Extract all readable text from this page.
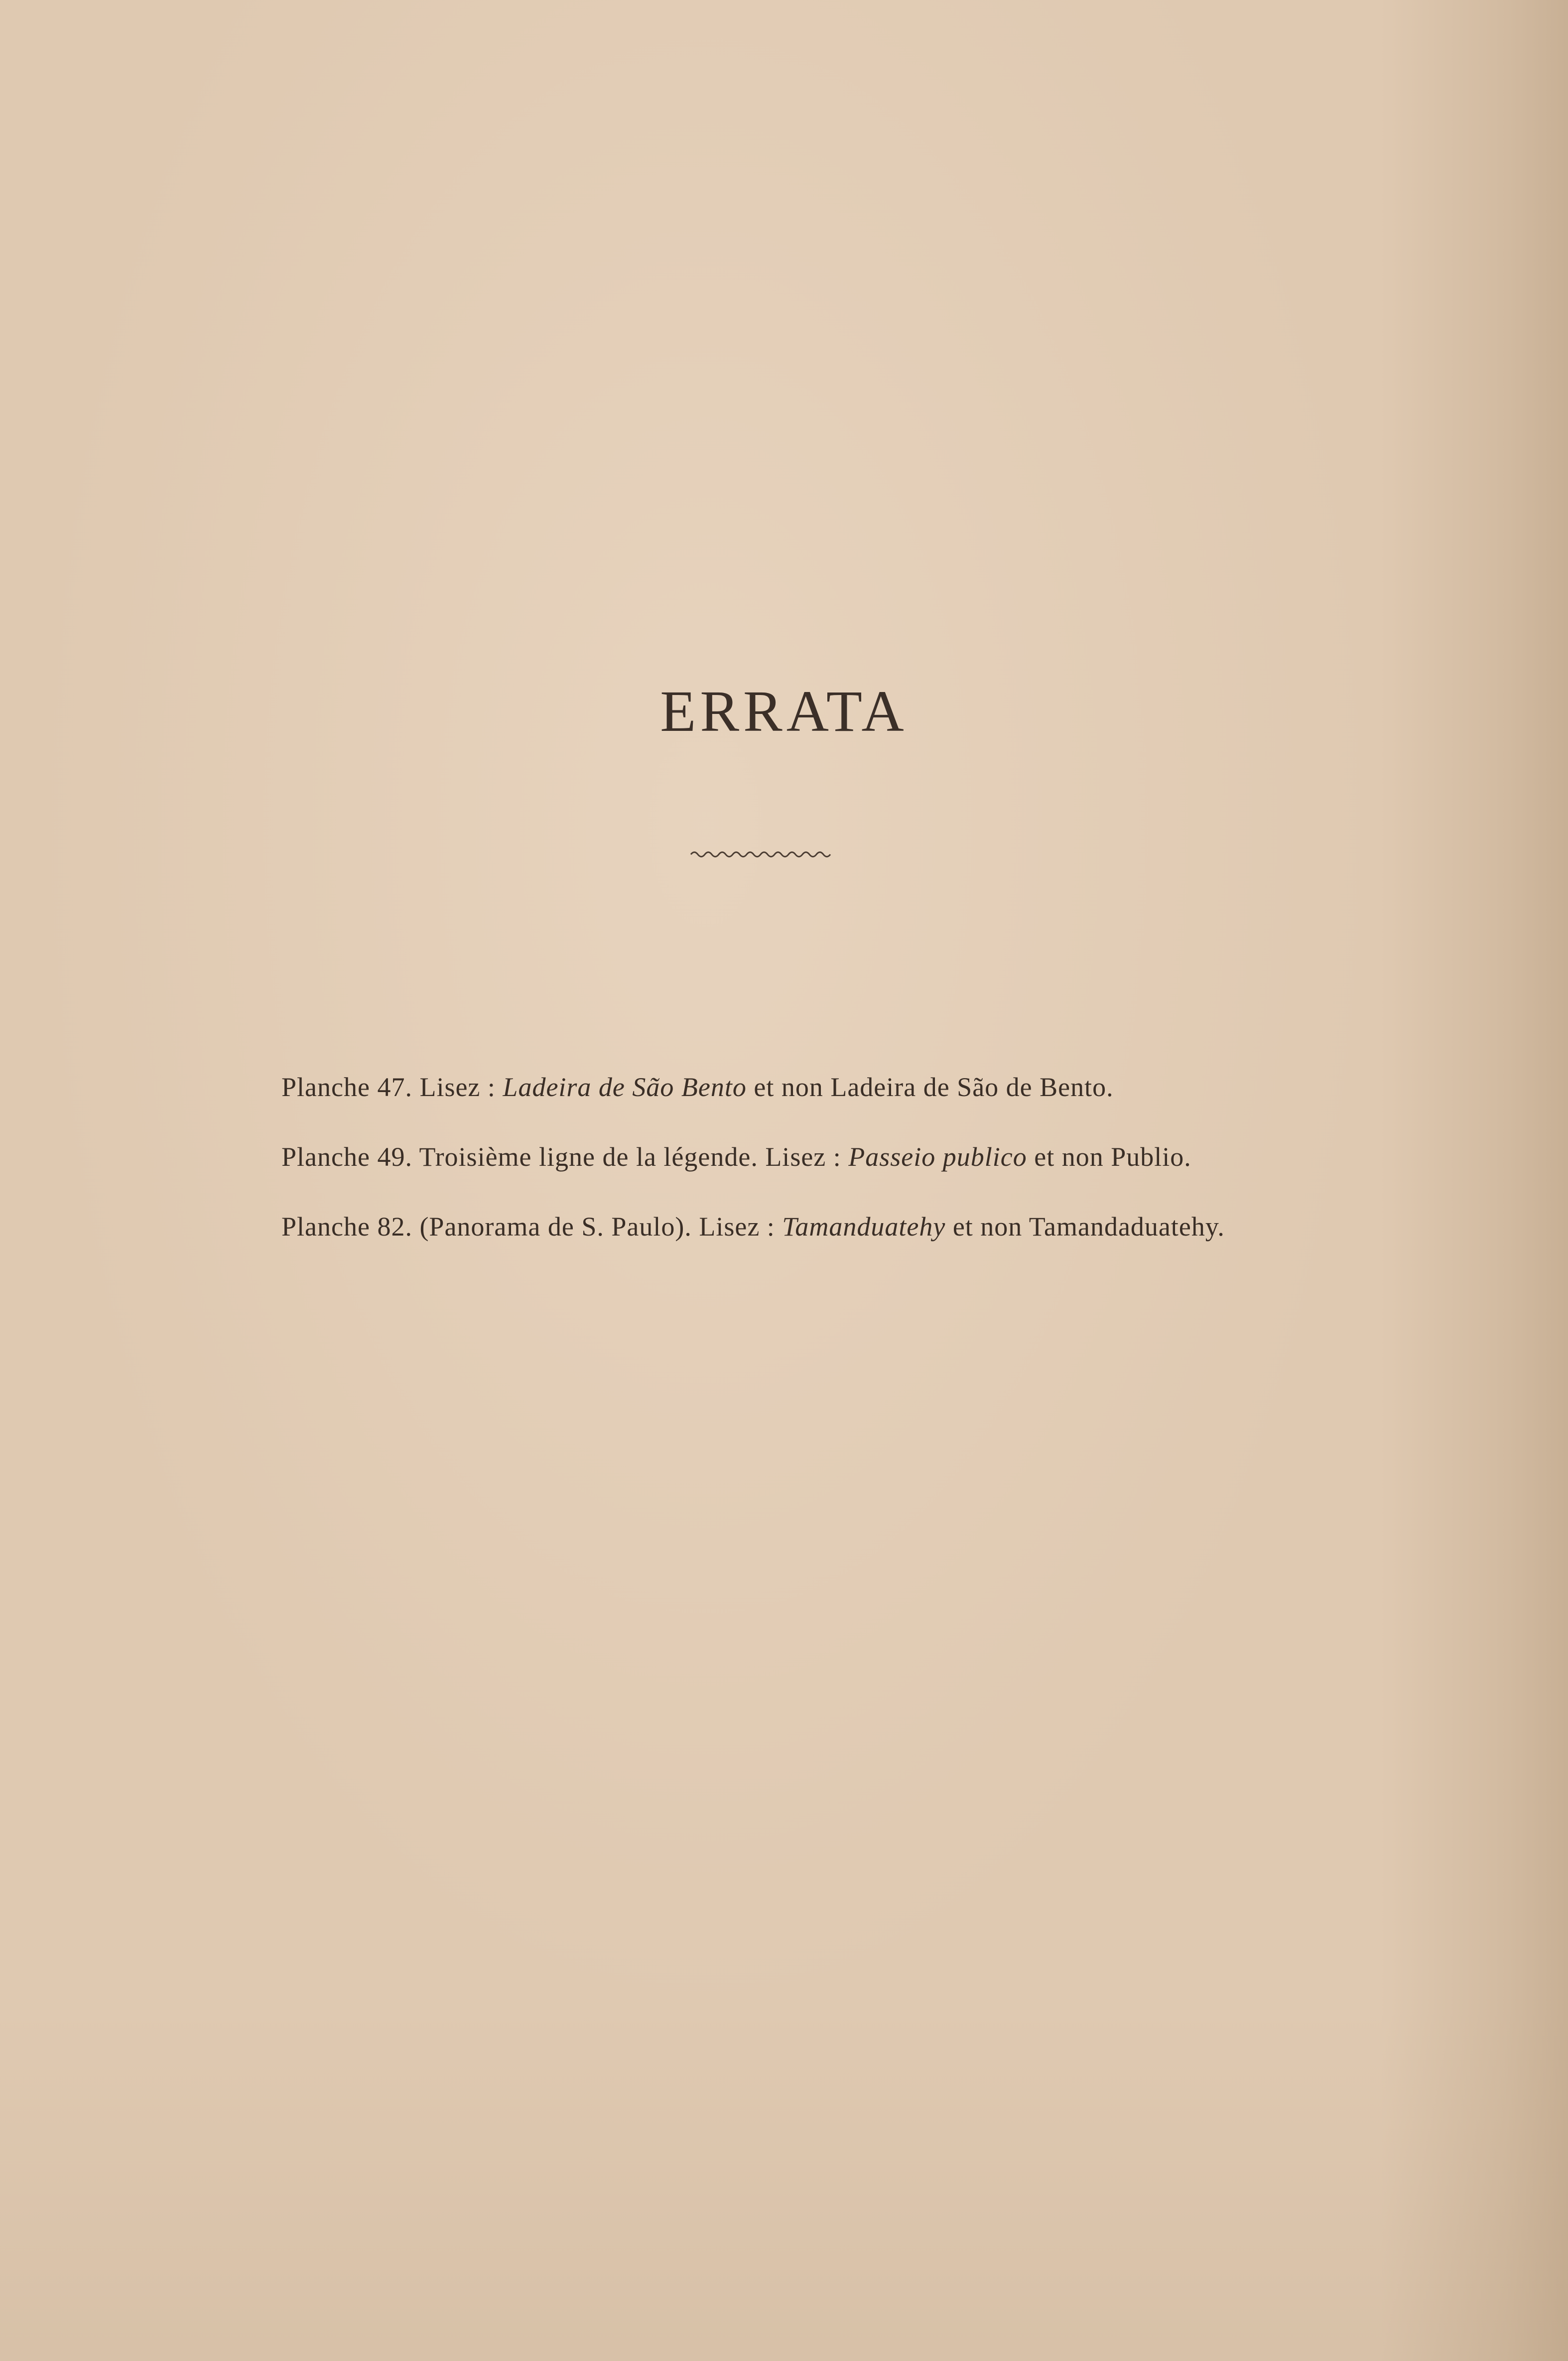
ERRATA
Planche 47. Lisez : Ladeira de São Bento et non Ladeira de São de Bento.
Planche 49. Troisième ligne de la légende. Lisez : Passeio publico et non Publio.
Planche 82. (Panorama de S. Paulo). Lisez : Tamanduatehy et non Tamandaduatehy.
